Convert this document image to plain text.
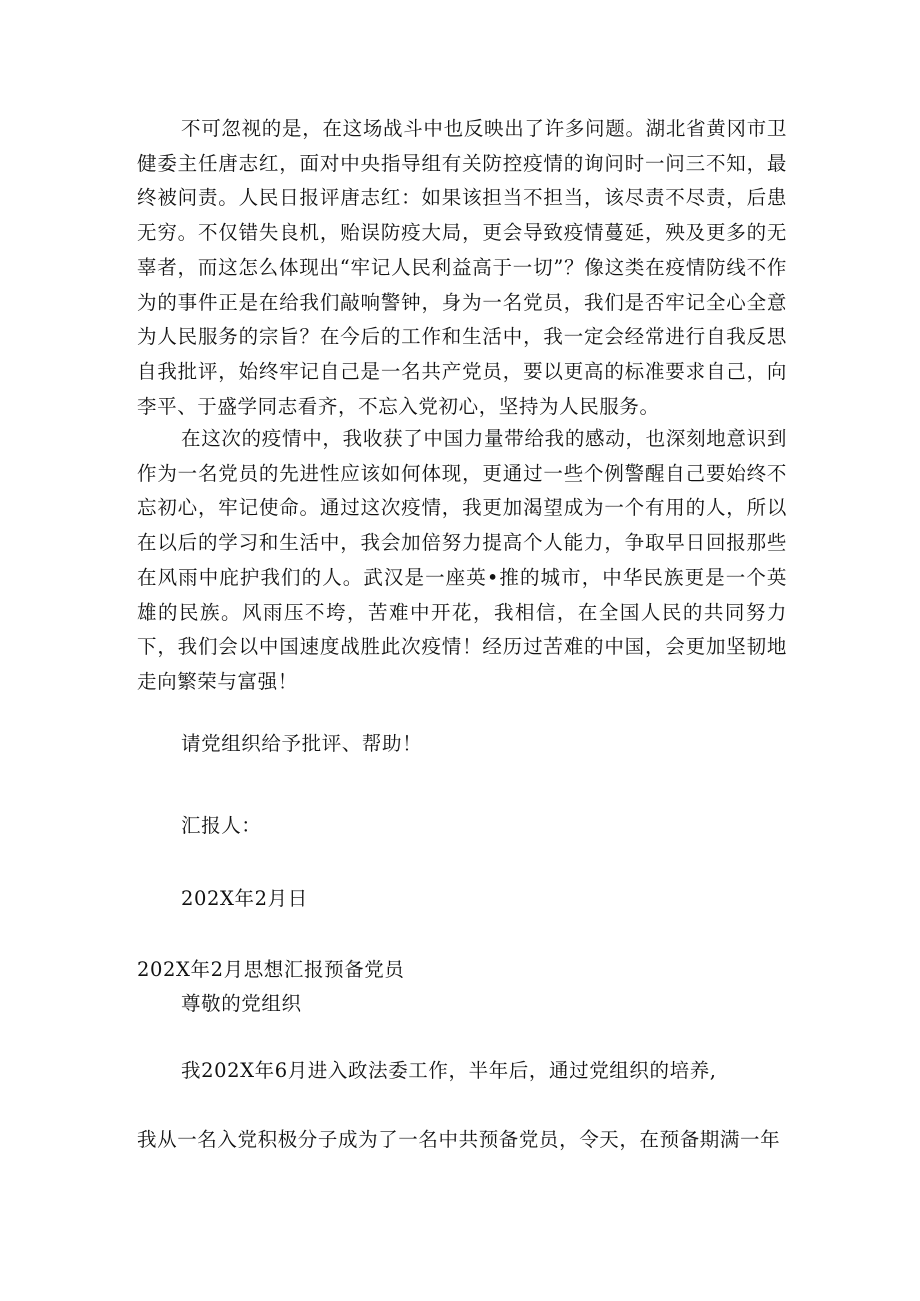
不可忽视的是，在这场战斗中也反映出了许多问题。湖北省黄冈市卫健委主任唐志红，面对中央指导组有关防控疫情的询问时一问三不知，最终被问责。人民日报评唐志红：如果该担当不担当，该尽责不尽责，后患无穷。不仅错失良机，贻误防疫大局，更会导致疫情蔓延，殃及更多的无辜者，而这怎么体现出“牢记人民利益高于一切”？像这类在疫情防线不作为的事件正是在给我们敲响警钟，身为一名党员，我们是否牢记全心全意为人民服务的宗旨？在今后的工作和生活中，我一定会经常进行自我反思自我批评，始终牢记自己是一名共产党员，要以更高的标准要求自己，向李平、于盛学同志看齐，不忘入党初心，坚持为人民服务。

在这次的疫情中，我收获了中国力量带给我的感动，也深刻地意识到作为一名党员的先进性应该如何体现，更通过一些个例警醒自己要始终不忘初心，牢记使命。通过这次疫情，我更加渴望成为一个有用的人，所以在以后的学习和生活中，我会加倍努力提高个人能力，争取早日回报那些在风雨中庇护我们的人。武汉是一座英•推的城市，中华民族更是一个英雄的民族。风雨压不垮，苦难中开花，我相信，在全国人民的共同努力下，我们会以中国速度战胜此次疫情！经历过苦难的中国，会更加坚韧地走向繁荣与富强！

请党组织给予批评、帮助！

汇报人：

202X年2月日

202X年2月思想汇报预备党员

尊敬的党组织

我202X年6月进入政法委工作，半年后，通过党组织的培养,

我从一名入党积极分子成为了一名中共预备党员，令天，在预备期满一年
